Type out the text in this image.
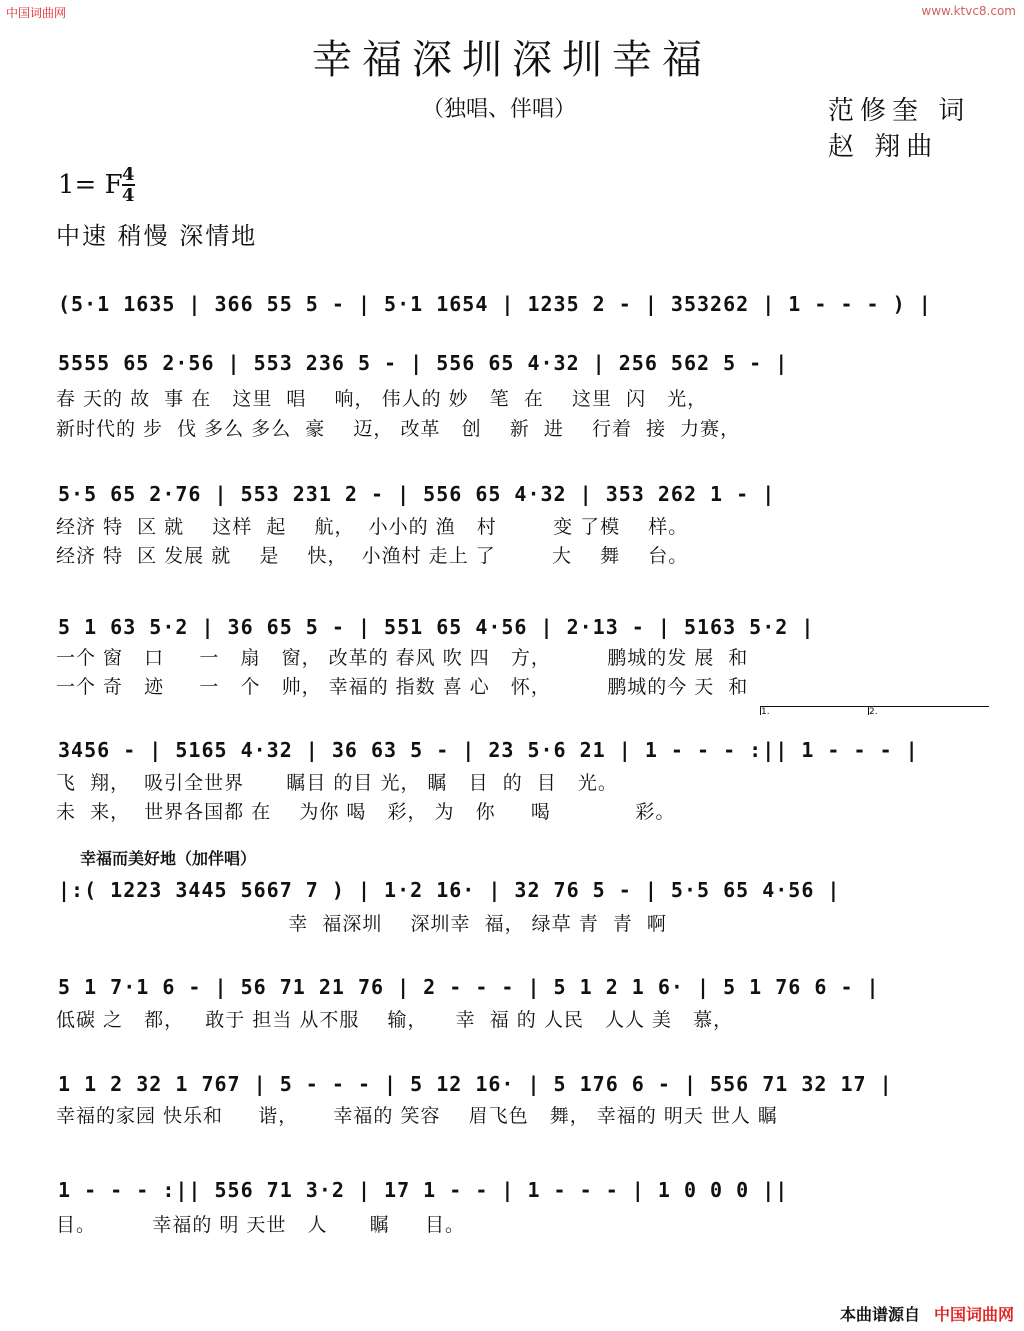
中国词曲网	www.ktvc8.com
幸福深圳深圳幸福
（独唱、伴唱）	范修奎 词
赵 翔曲
1= F 4
4
中速 稍慢 深情地
(5·1 1635 | 366 55 5 - | 5·1 1654 | 1235 2 - | 353262 | 1 - - - ) |
5555 65 2·56 | 553 236 5 - | 556 65 4·32 | 256 562 5 - |
春 天的 故  事 在   这里  唱    响， 伟人的 妙   笔  在    这里  闪   光，
新时代的 步  伐 多么 多么  豪    迈， 改革   创    新  进    行着  接  力赛，
5·5 65 2·76 | 553 231 2 - | 556 65 4·32 | 353 262 1 - |
经济 特  区 就    这样  起    航，  小小的 渔   村        变 了模    样。
经济 特  区 发展 就    是    快，  小渔村 走上 了        大    舞    台。
5 1 63 5·2 | 36 65 5 - | 551 65 4·56 | 2·13 - | 5163 5·2 |
一个 窗   口     一   扇   窗， 改革的 春风 吹 四   方，        鹏城的发 展  和
一个 奇   迹     一   个   帅， 幸福的 指数 喜 心   怀，        鹏城的今 天  和
1.	2.
3456 - | 5165 4·32 | 36 63 5 - | 23 5·6 21 | 1 - - - :|| 1 - - - |
飞  翔，  吸引全世界      瞩目 的目 光， 瞩   目  的  目   光。
未  来，  世界各国都 在    为你 喝   彩， 为   你     喝            彩。
幸福而美好地（加伴唱）
|:( 1223 3445 5667 7 ) | 1·2 16· | 32 76 5 - | 5·5 65 4·56 |
幸  福深圳    深圳幸  福， 绿草 青  青  啊
5 1 7·1 6 - | 56 71 21 76 | 2 - - - | 5 1 2 1 6· | 5 1 76 6 - |
低碳 之   都，   敢于 担当 从不服    输，    幸  福 的 人民   人人 美   慕，
1 1 2 32 1 767 | 5 - - - | 5 12 16· | 5 176 6 - | 556 71 32 17 |
幸福的家园 快乐和     谐，     幸福的 笑容    眉飞色   舞， 幸福的 明天 世人 瞩
1 - - - :|| 556 71 3·2 | 17 1 - - | 1 - - - | 1 0 0 0 ||
目。        幸福的 明 天世   人      瞩     目。
本曲谱源自 中国词曲网
